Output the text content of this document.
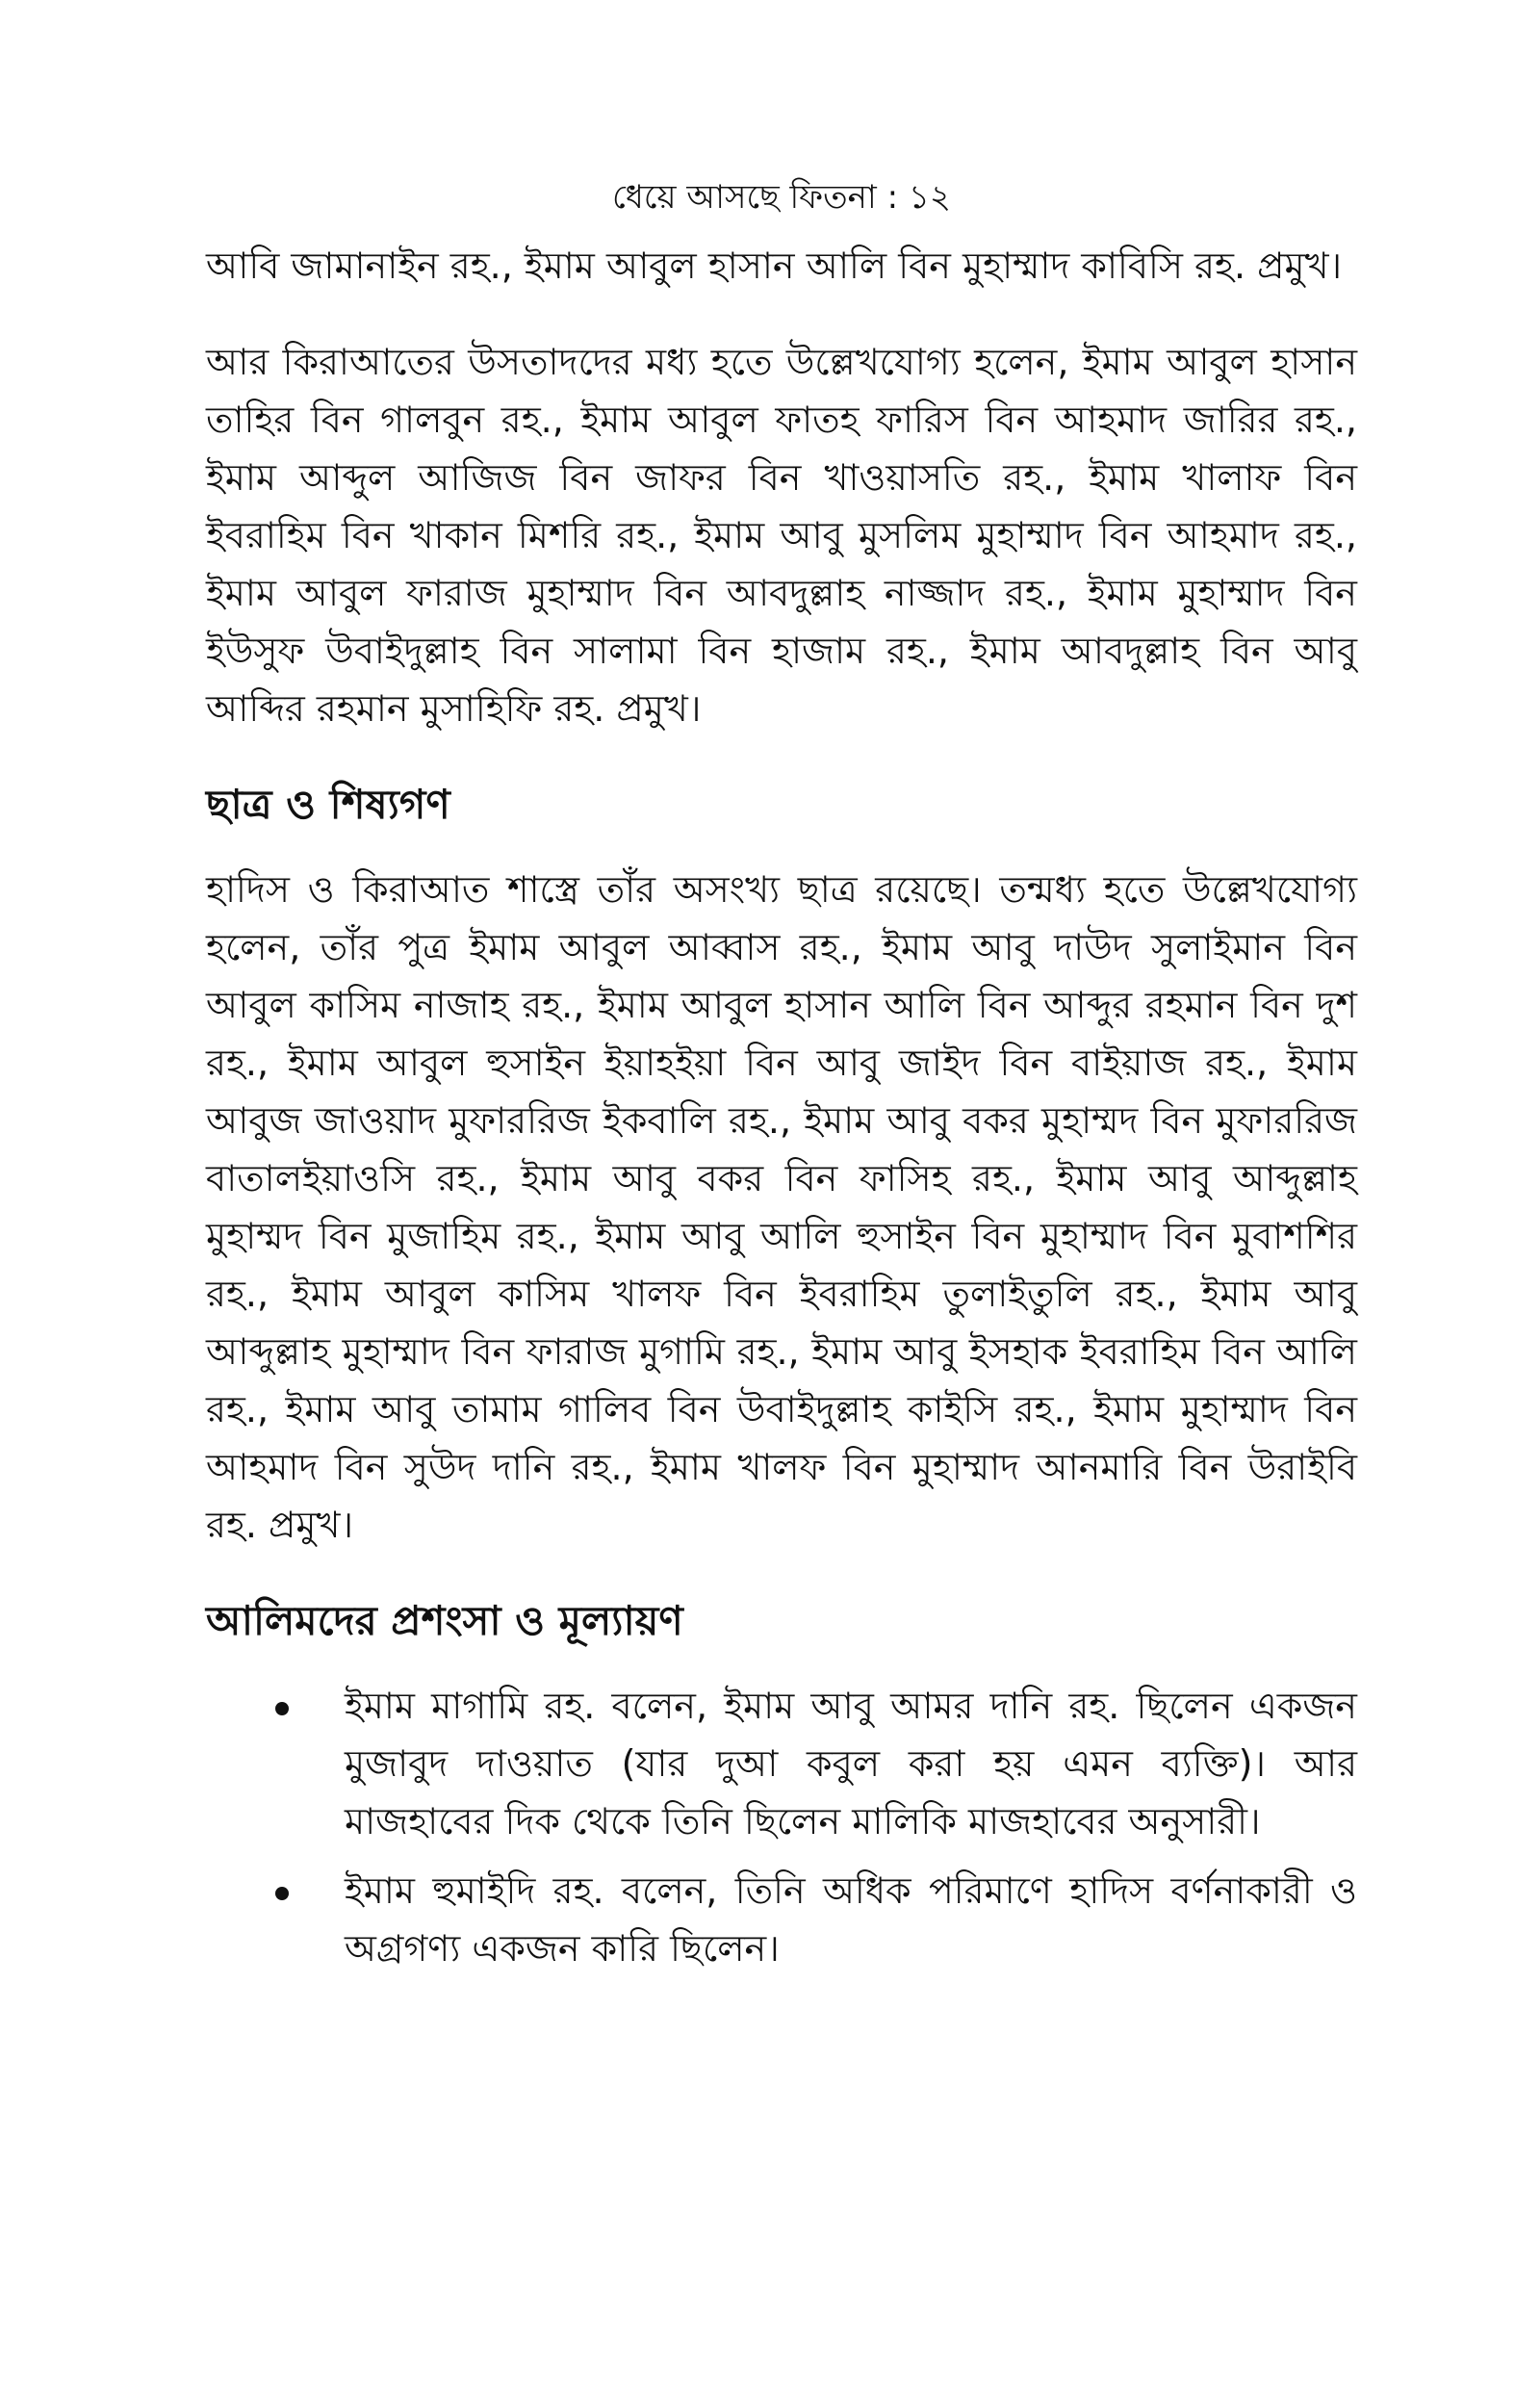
ধেয়ে আসছে ফিতনা : ১২

আবি জামানাইন রহ., ইমাম আবুল হাসান আলি বিন মুহাম্মাদ কাবিসি রহ. প্রমুখ।

আর কিরাআতের উসতাদদের মধ্য হতে উল্লেখযোগ্য হলেন, ইমাম আবুল হাসান তাহির বিন গালবুন রহ., ইমাম আবুল ফাতহ ফারিস বিন আহমাদ জারির রহ., ইমাম আব্দুল আজিজ বিন জাফর বিন খাওয়াসতি রহ., ইমাম খালাফ বিন ইবরাহিম বিন খাকান মিশরি রহ., ইমাম আবু মুসলিম মুহাম্মাদ বিন আহমাদ রহ., ইমাম আবুল ফারাজ মুহাম্মাদ বিন আবদুল্লাহ নাজ্জাদ রহ., ইমাম মুহাম্মাদ বিন ইউসুফ উবাইদুল্লাহ বিন সালামা বিন হাজাম রহ., ইমাম আবদুল্লাহ বিন আবু আব্দির রহমান মুসাহিফি রহ. প্রমুখ।

ছাত্র ও শিষ্যগণ

হাদিস ও কিরাআত শাস্ত্রে তাঁর অসংখ্য ছাত্র রয়েছে। তন্মধ্য হতে উল্লেখযোগ্য হলেন, তাঁর পুত্র ইমাম আবুল আব্বাস রহ., ইমাম আবু দাউদ সুলাইমান বিন আবুল কাসিম নাজাহ রহ., ইমাম আবুল হাসান আলি বিন আব্দুর রহমান বিন দুশ রহ., ইমাম আবুল হুসাইন ইয়াহইয়া বিন আবু জাইদ বিন বাইয়াজ রহ., ইমাম আবুজ জাওয়াদ মুফাররিজ ইকবালি রহ., ইমাম আবু বকর মুহাম্মদ বিন মুফাররিজ বাতালইয়াওসি রহ., ইমাম আবু বকর বিন ফাসিহ রহ., ইমাম আবু আব্দুল্লাহ মুহাম্মদ বিন মুজাহিম রহ., ইমাম আবু আলি হুসাইন বিন মুহাম্মাদ বিন মুবাশশির রহ., ইমাম আবুল কাসিম খালফ বিন ইবরাহিম তুলাইতুলি রহ., ইমাম আবু আব্দুল্লাহ মুহাম্মাদ বিন ফারাজ মুগামি রহ., ইমাম আবু ইসহাক ইবরাহিম বিন আলি রহ., ইমাম আবু তামাম গালিব বিন উবাইদুল্লাহ কাইসি রহ., ইমাম মুহাম্মাদ বিন আহমাদ বিন সুউদ দানি রহ., ইমাম খালফ বিন মুহাম্মাদ আনমারি বিন উরাইবি রহ. প্রমুখ।

আলিমদের প্রশংসা ও মূল্যায়ণ
ইমাম মাগামি রহ. বলেন, ইমাম আবু আমর দানি রহ. ছিলেন একজন মুজাবুদ দাওয়াত (যার দুআ কবুল করা হয় এমন ব্যক্তি)। আর মাজহাবের দিক থেকে তিনি ছিলেন মালিকি মাজহাবের অনুসারী।
ইমাম হুমাইদি রহ. বলেন, তিনি অধিক পরিমাণে হাদিস বর্ণনাকারী ও অগ্রগণ্য একজন কারি ছিলেন।
